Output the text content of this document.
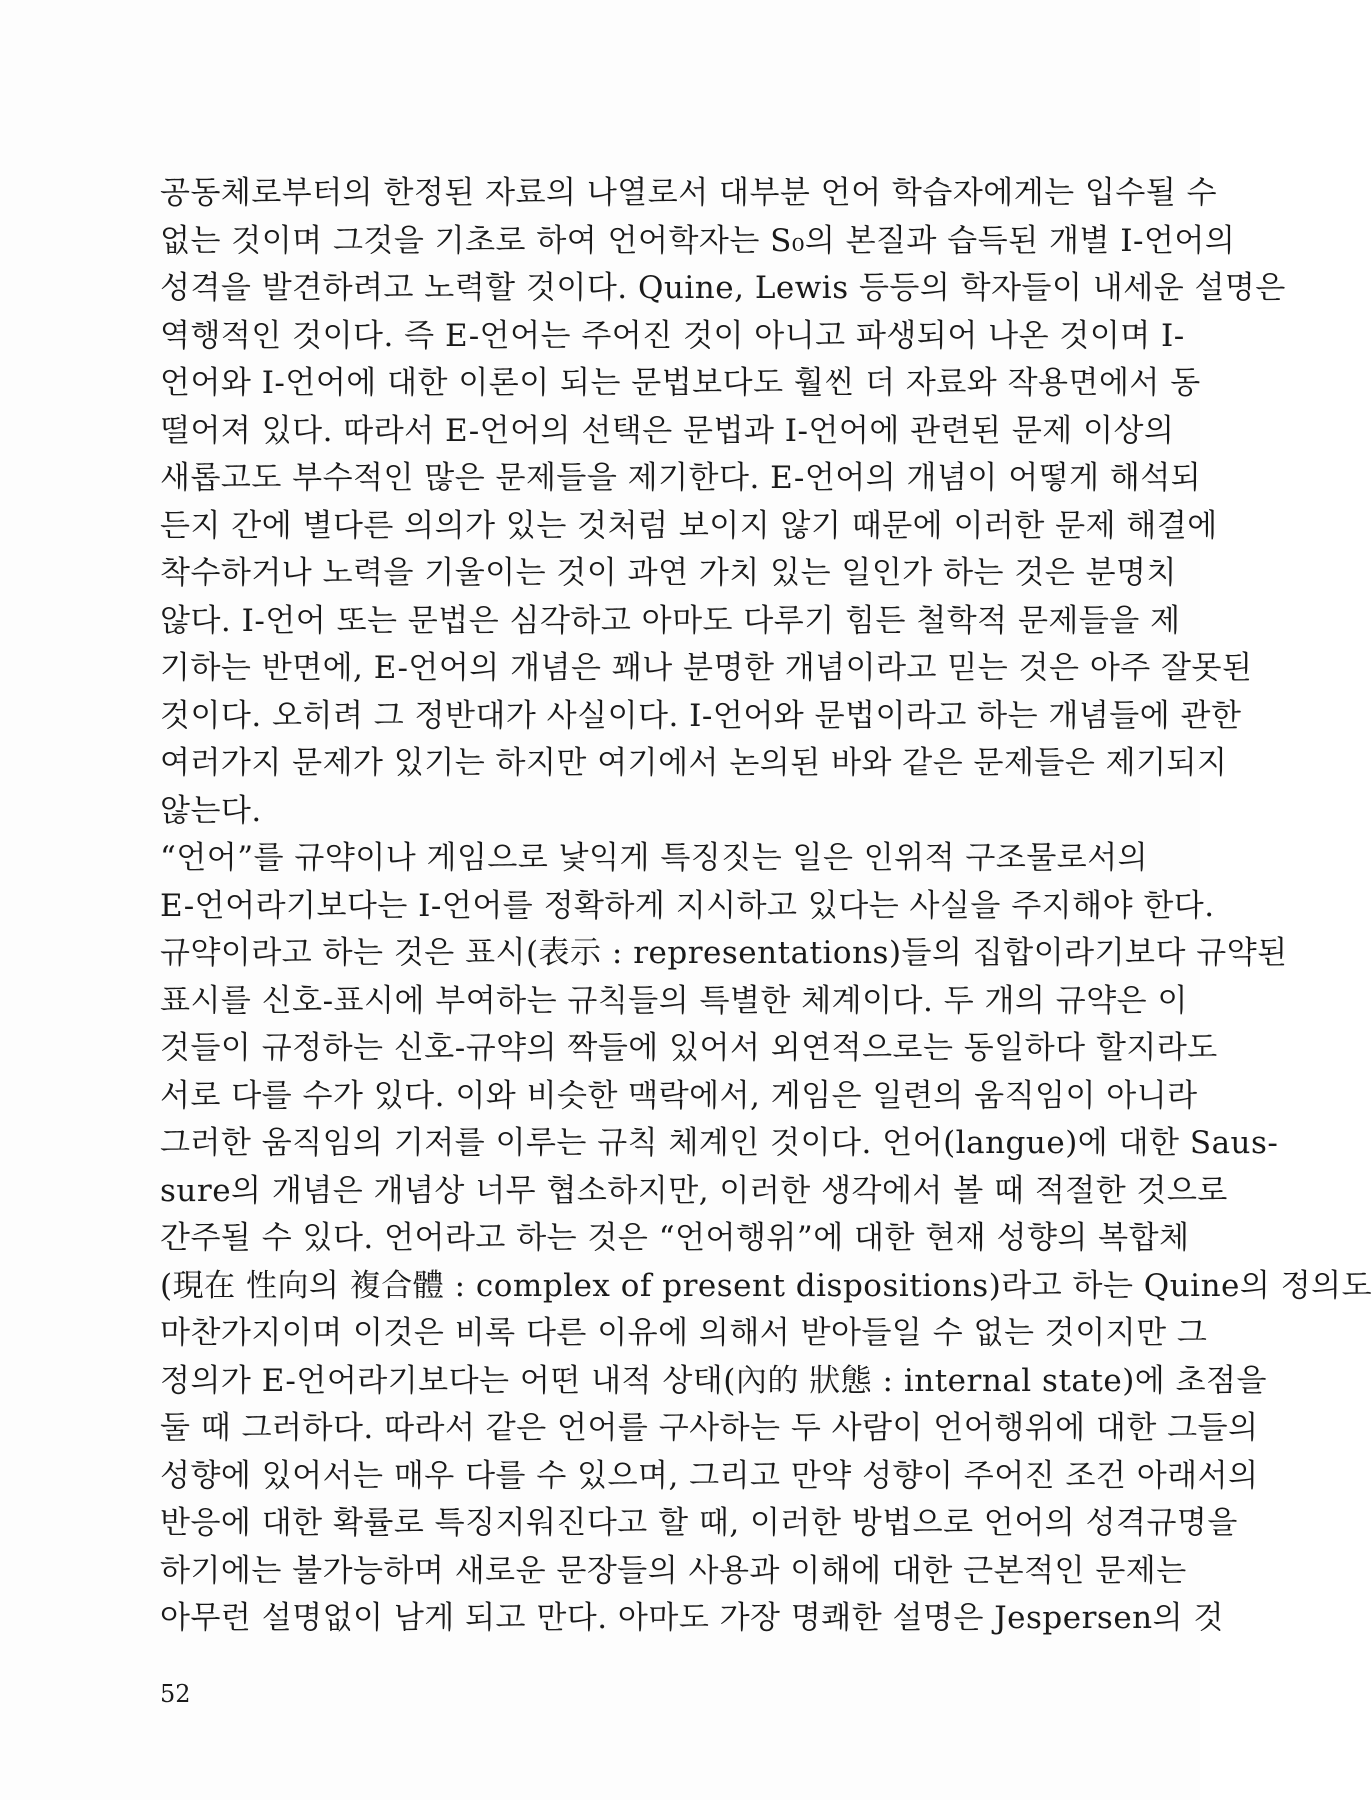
공동체로부터의 한정된 자료의 나열로서 대부분 언어 학습자에게는 입수될 수
없는 것이며 그것을 기초로 하여 언어학자는 S₀의 본질과 습득된 개별 I-언어의
성격을 발견하려고 노력할 것이다. Quine, Lewis 등등의 학자들이 내세운 설명은
역행적인 것이다. 즉 E-언어는 주어진 것이 아니고 파생되어 나온 것이며 I-
언어와 I-언어에 대한 이론이 되는 문법보다도 훨씬 더 자료와 작용면에서 동
떨어져 있다. 따라서 E-언어의 선택은 문법과 I-언어에 관련된 문제 이상의
새롭고도 부수적인 많은 문제들을 제기한다. E-언어의 개념이 어떻게 해석되
든지 간에 별다른 의의가 있는 것처럼 보이지 않기 때문에 이러한 문제 해결에
착수하거나 노력을 기울이는 것이 과연 가치 있는 일인가 하는 것은 분명치
않다. I-언어 또는 문법은 심각하고 아마도 다루기 힘든 철학적 문제들을 제
기하는 반면에, E-언어의 개념은 꽤나 분명한 개념이라고 믿는 것은 아주 잘못된
것이다. 오히려 그 정반대가 사실이다. I-언어와 문법이라고 하는 개념들에 관한
여러가지 문제가 있기는 하지만 여기에서 논의된 바와 같은 문제들은 제기되지
않는다.
“언어”를 규약이나 게임으로 낯익게 특징짓는 일은 인위적 구조물로서의
E-언어라기보다는 I-언어를 정확하게 지시하고 있다는 사실을 주지해야 한다.
규약이라고 하는 것은 표시(表示 : representations)들의 집합이라기보다 규약된
표시를 신호-표시에 부여하는 규칙들의 특별한 체계이다. 두 개의 규약은 이
것들이 규정하는 신호-규약의 짝들에 있어서 외연적으로는 동일하다 할지라도
서로 다를 수가 있다. 이와 비슷한 맥락에서, 게임은 일련의 움직임이 아니라
그러한 움직임의 기저를 이루는 규칙 체계인 것이다. 언어(langue)에 대한 Saus-
sure의 개념은 개념상 너무 협소하지만, 이러한 생각에서 볼 때 적절한 것으로
간주될 수 있다. 언어라고 하는 것은 “언어행위”에 대한 현재 성향의 복합체
(現在 性向의 複合體 : complex of present dispositions)라고 하는 Quine의 정의도
마찬가지이며 이것은 비록 다른 이유에 의해서 받아들일 수 없는 것이지만 그
정의가 E-언어라기보다는 어떤 내적 상태(內的 狀態 : internal state)에 초점을
둘 때 그러하다. 따라서 같은 언어를 구사하는 두 사람이 언어행위에 대한 그들의
성향에 있어서는 매우 다를 수 있으며, 그리고 만약 성향이 주어진 조건 아래서의
반응에 대한 확률로 특징지워진다고 할 때, 이러한 방법으로 언어의 성격규명을
하기에는 불가능하며 새로운 문장들의 사용과 이해에 대한 근본적인 문제는
아무런 설명없이 남게 되고 만다. 아마도 가장 명쾌한 설명은 Jespersen의 것
52
